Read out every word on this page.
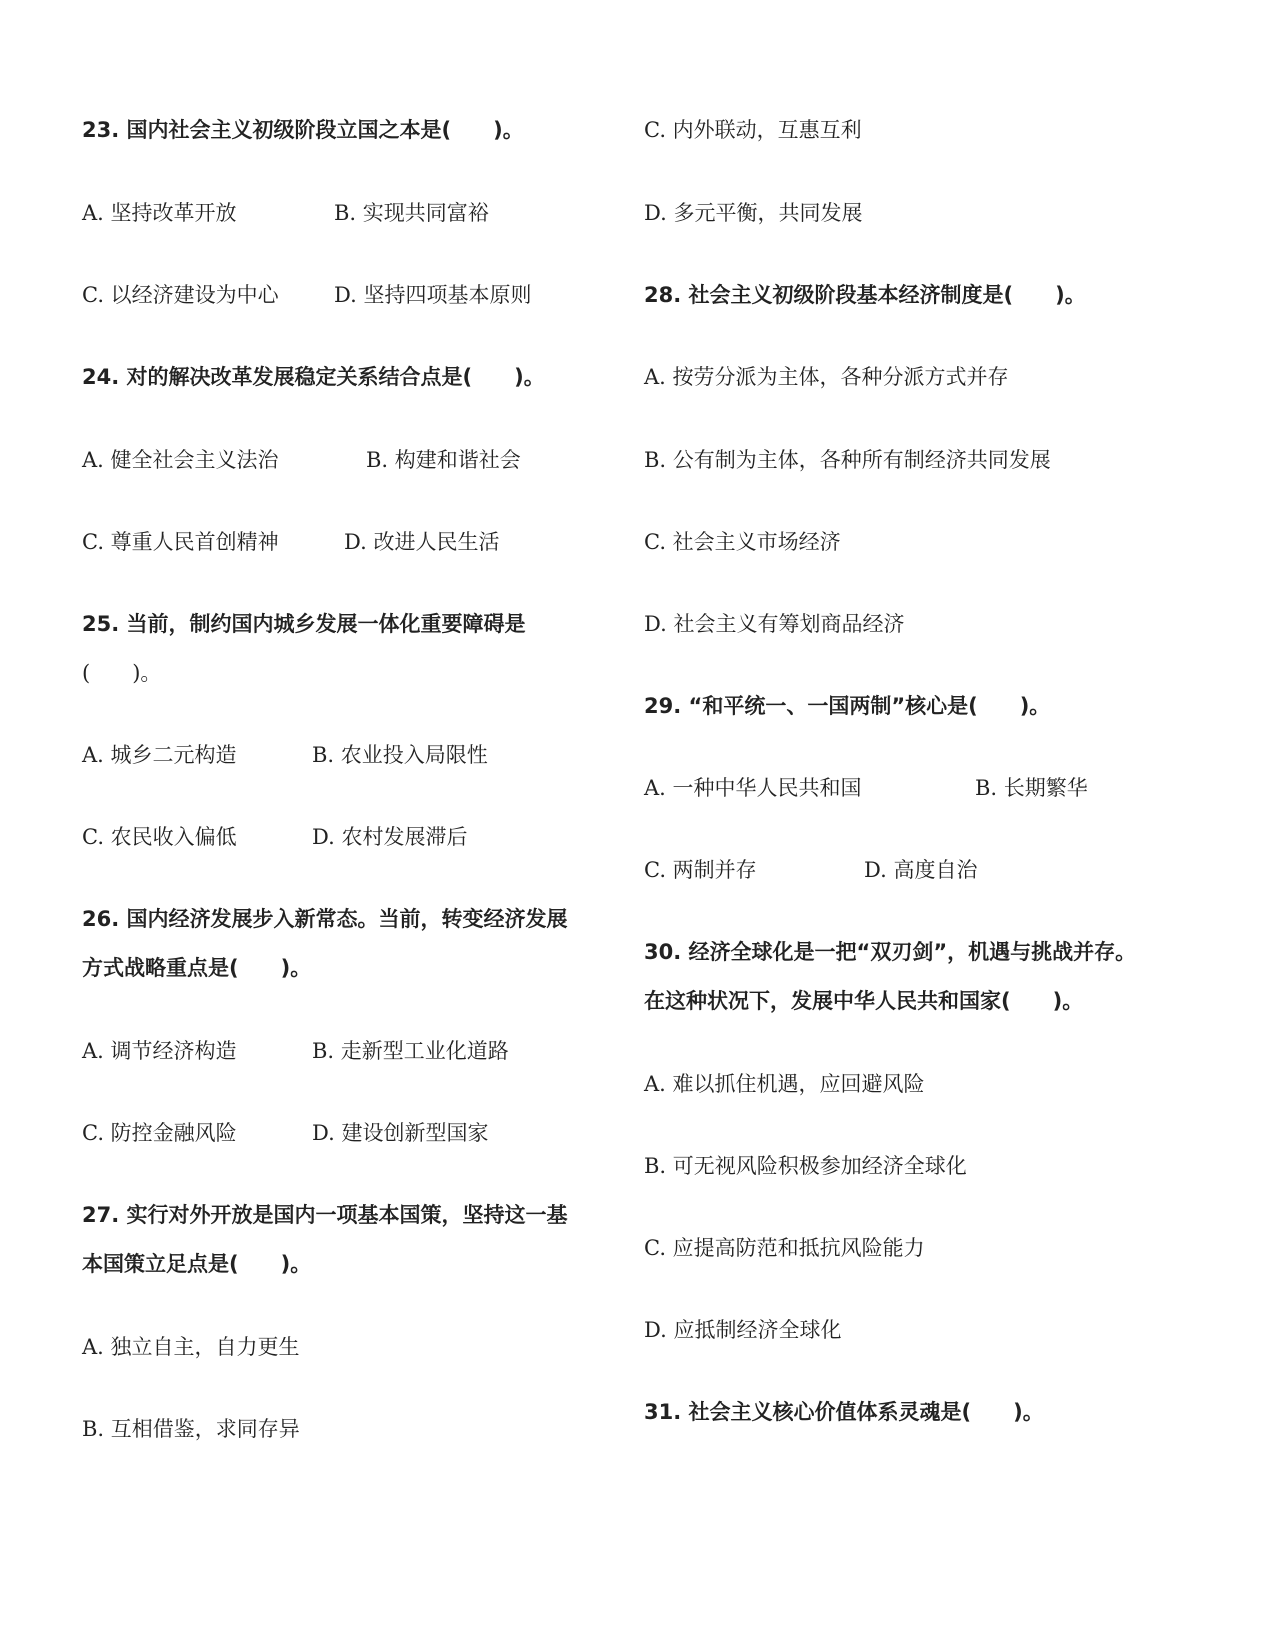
23. 国内社会主义初级阶段立国之本是(　　)。
A. 坚持改革开放	B. 实现共同富裕
C. 以经济建设为中心	D. 坚持四项基本原则
24. 对的解决改革发展稳定关系结合点是(　　)。
A. 健全社会主义法治	B. 构建和谐社会
C. 尊重人民首创精神	D. 改进人民生活
25. 当前，制约国内城乡发展一体化重要障碍是
(　　)。
A. 城乡二元构造	B. 农业投入局限性
C. 农民收入偏低	D. 农村发展滞后
26. 国内经济发展步入新常态。当前，转变经济发展
方式战略重点是(　　)。
A. 调节经济构造	B. 走新型工业化道路
C. 防控金融风险	D. 建设创新型国家
27. 实行对外开放是国内一项基本国策，坚持这一基
本国策立足点是(　　)。
A. 独立自主，自力更生
B. 互相借鉴，求同存异
C. 内外联动，互惠互利
D. 多元平衡，共同发展
28. 社会主义初级阶段基本经济制度是(　　)。
A. 按劳分派为主体，各种分派方式并存
B. 公有制为主体，各种所有制经济共同发展
C. 社会主义市场经济
D. 社会主义有筹划商品经济
29. “和平统一、一国两制”核心是(　　)。
A. 一种中华人民共和国	B. 长期繁华
C. 两制并存	D. 高度自治
30. 经济全球化是一把“双刃剑”，机遇与挑战并存。
在这种状况下，发展中华人民共和国家(　　)。
A. 难以抓住机遇，应回避风险
B. 可无视风险积极参加经济全球化
C. 应提高防范和抵抗风险能力
D. 应抵制经济全球化
31. 社会主义核心价值体系灵魂是(　　)。
